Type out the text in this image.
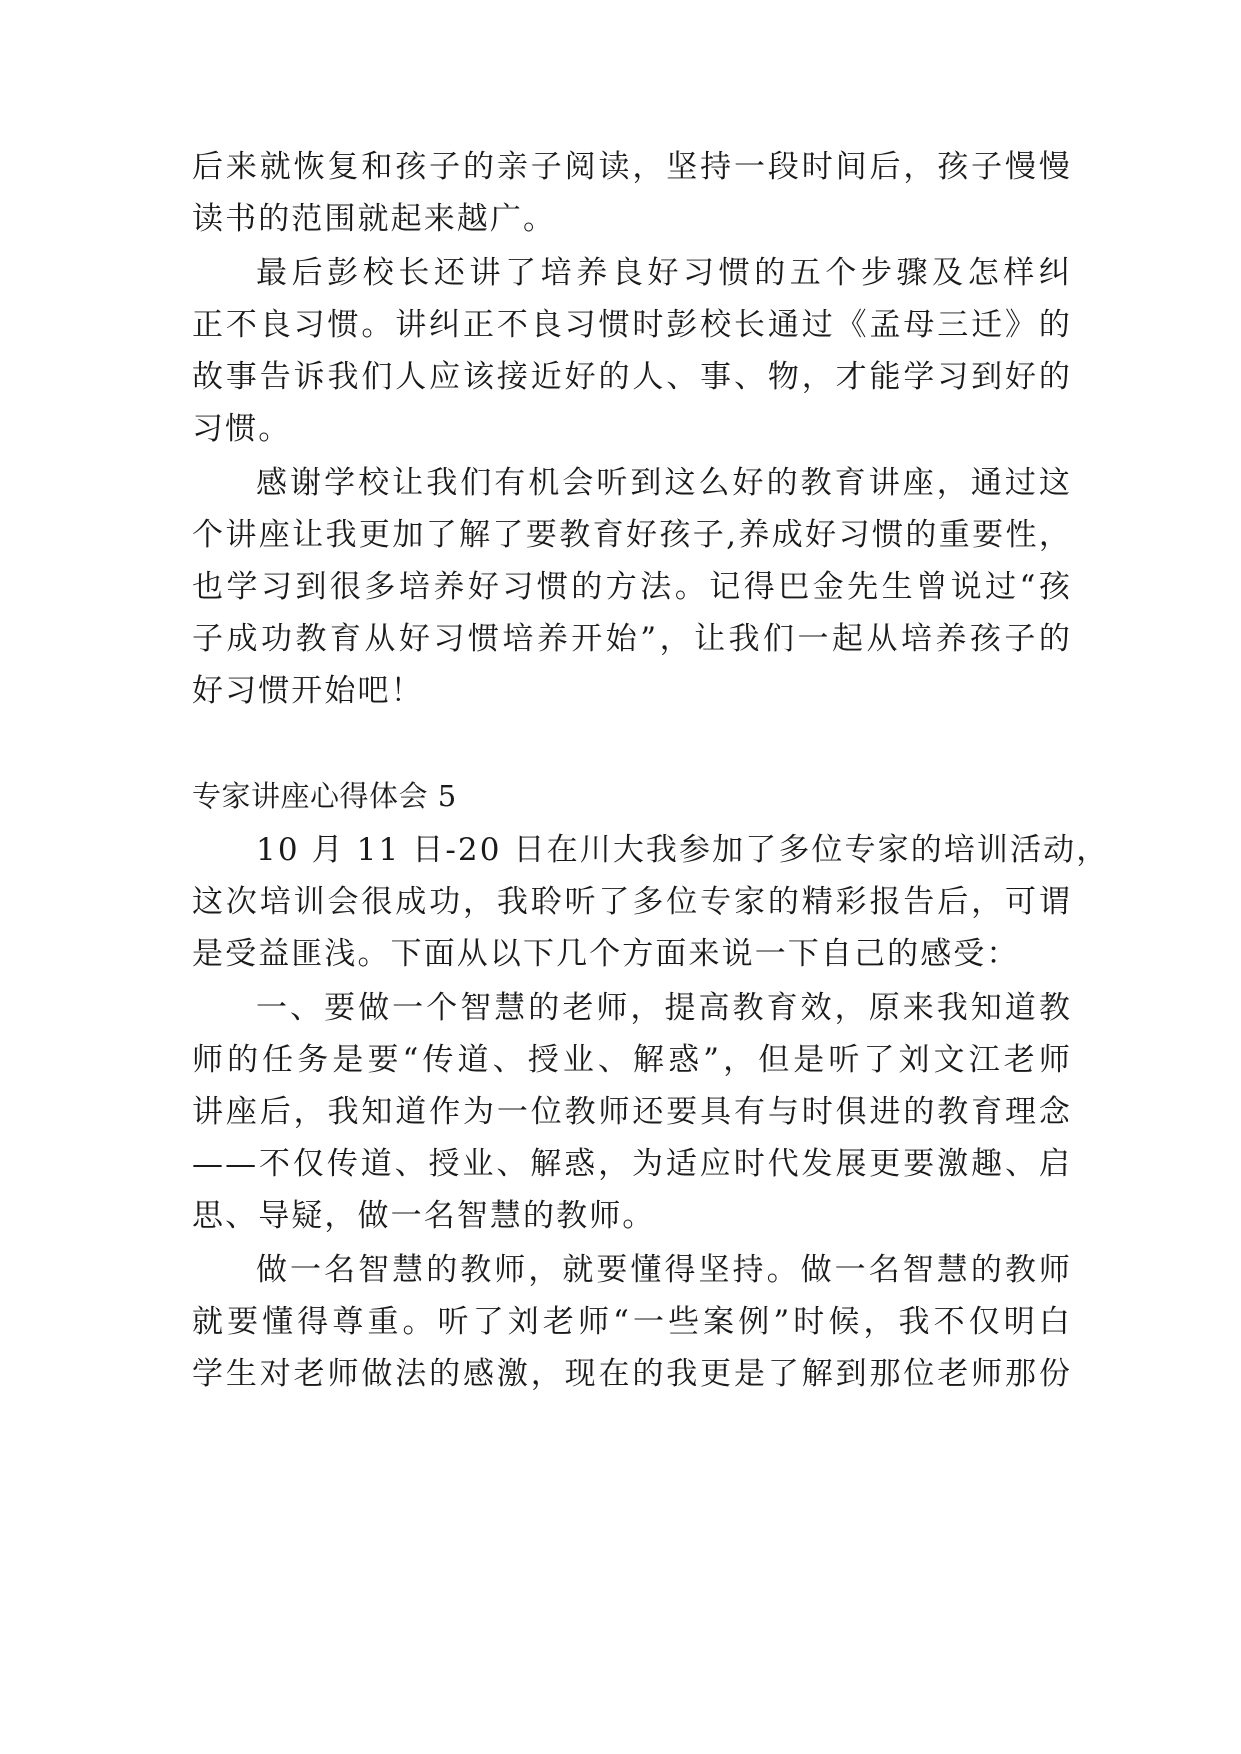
后来就恢复和孩子的亲子阅读，坚持一段时间后，孩子慢慢
读书的范围就起来越广。
最后彭校长还讲了培养良好习惯的五个步骤及怎样纠
正不良习惯。讲纠正不良习惯时彭校长通过《孟母三迁》的
故事告诉我们人应该接近好的人、事、物，才能学习到好的
习惯。
感谢学校让我们有机会听到这么好的教育讲座，通过这
个讲座让我更加了解了要教育好孩子,养成好习惯的重要性，
也学习到很多培养好习惯的方法。记得巴金先生曾说过“孩
子成功教育从好习惯培养开始”，让我们一起从培养孩子的
好习惯开始吧！
专家讲座心得体会 5
10 月 11 日-20 日在川大我参加了多位专家的培训活动，
这次培训会很成功，我聆听了多位专家的精彩报告后，可谓
是受益匪浅。下面从以下几个方面来说一下自己的感受：
一、要做一个智慧的老师，提高教育效，原来我知道教
师的任务是要“传道、授业、解惑”，但是听了刘文江老师
讲座后，我知道作为一位教师还要具有与时俱进的教育理念
——不仅传道、授业、解惑，为适应时代发展更要激趣、启
思、导疑，做一名智慧的教师。
做一名智慧的教师，就要懂得坚持。做一名智慧的教师
就要懂得尊重。听了刘老师“一些案例”时候，我不仅明白
学生对老师做法的感激，现在的我更是了解到那位老师那份
